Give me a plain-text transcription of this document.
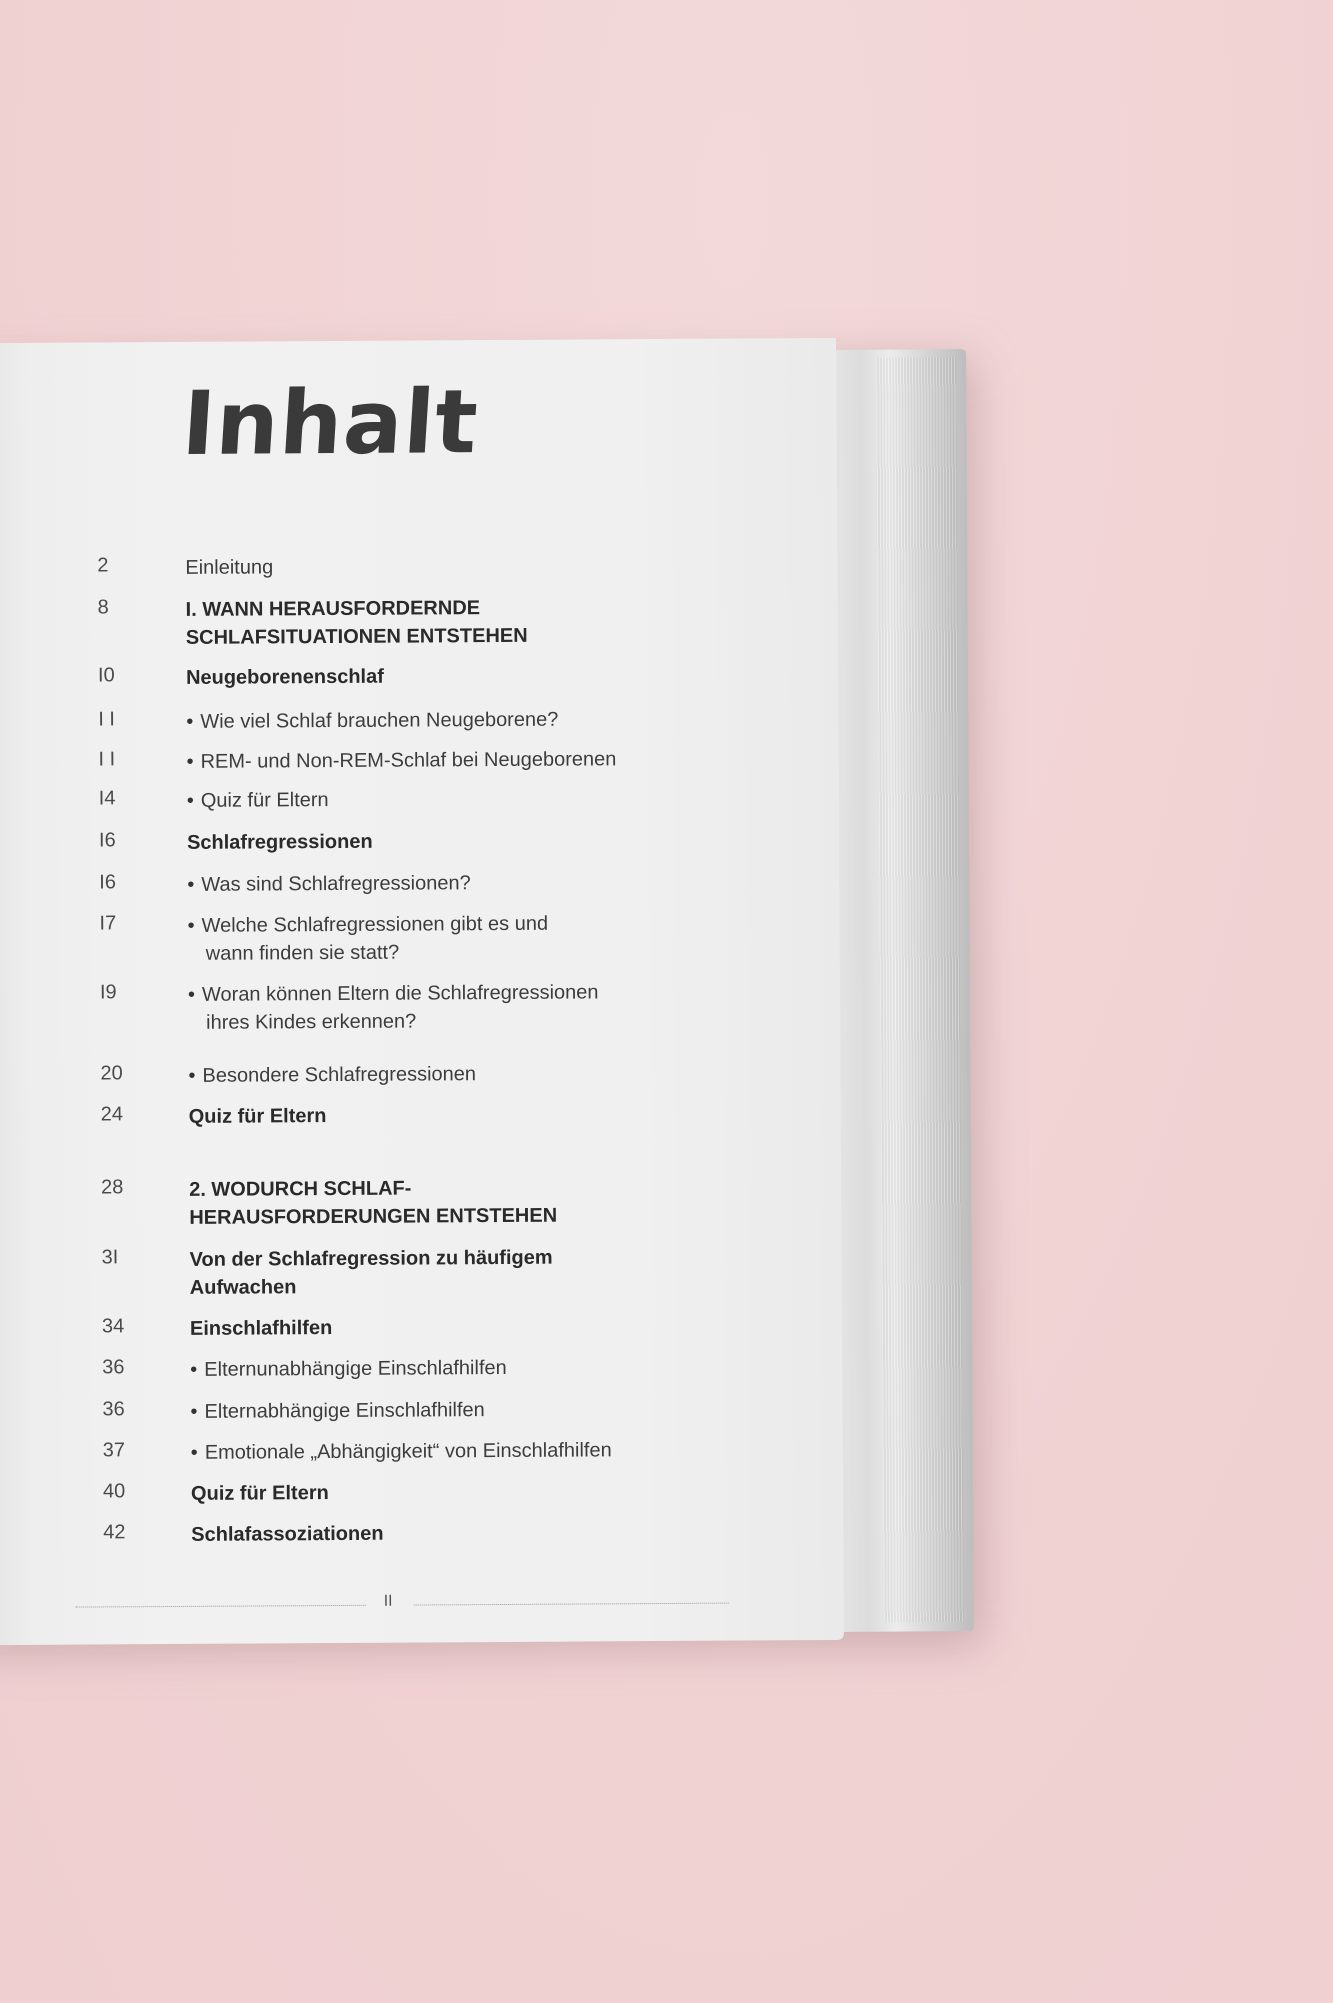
Inhalt
2	Einleitung
8	I. WANN HERAUSFORDERNDE
SCHLAFSITUATIONEN ENTSTEHEN
I0	Neugeborenenschlaf
I I	• Wie viel Schlaf brauchen Neugeborene?
I I	• REM- und Non-REM-Schlaf bei Neugeborenen
I4	• Quiz für Eltern
I6	Schlafregressionen
I6	• Was sind Schlafregressionen?
I7	• Welche Schlafregressionen gibt es und
wann finden sie statt?
I9	• Woran können Eltern die Schlafregressionen
ihres Kindes erkennen?
20	• Besondere Schlafregressionen
24	Quiz für Eltern
28	2. WODURCH SCHLAF-
HERAUSFORDERUNGEN ENTSTEHEN
3I	Von der Schlafregression zu häufigem
Aufwachen
34	Einschlafhilfen
36	• Elternunabhängige Einschlafhilfen
36	• Elternabhängige Einschlafhilfen
37	• Emotionale „Abhängigkeit“ von Einschlafhilfen
40	Quiz für Eltern
42	Schlafassoziationen
II
